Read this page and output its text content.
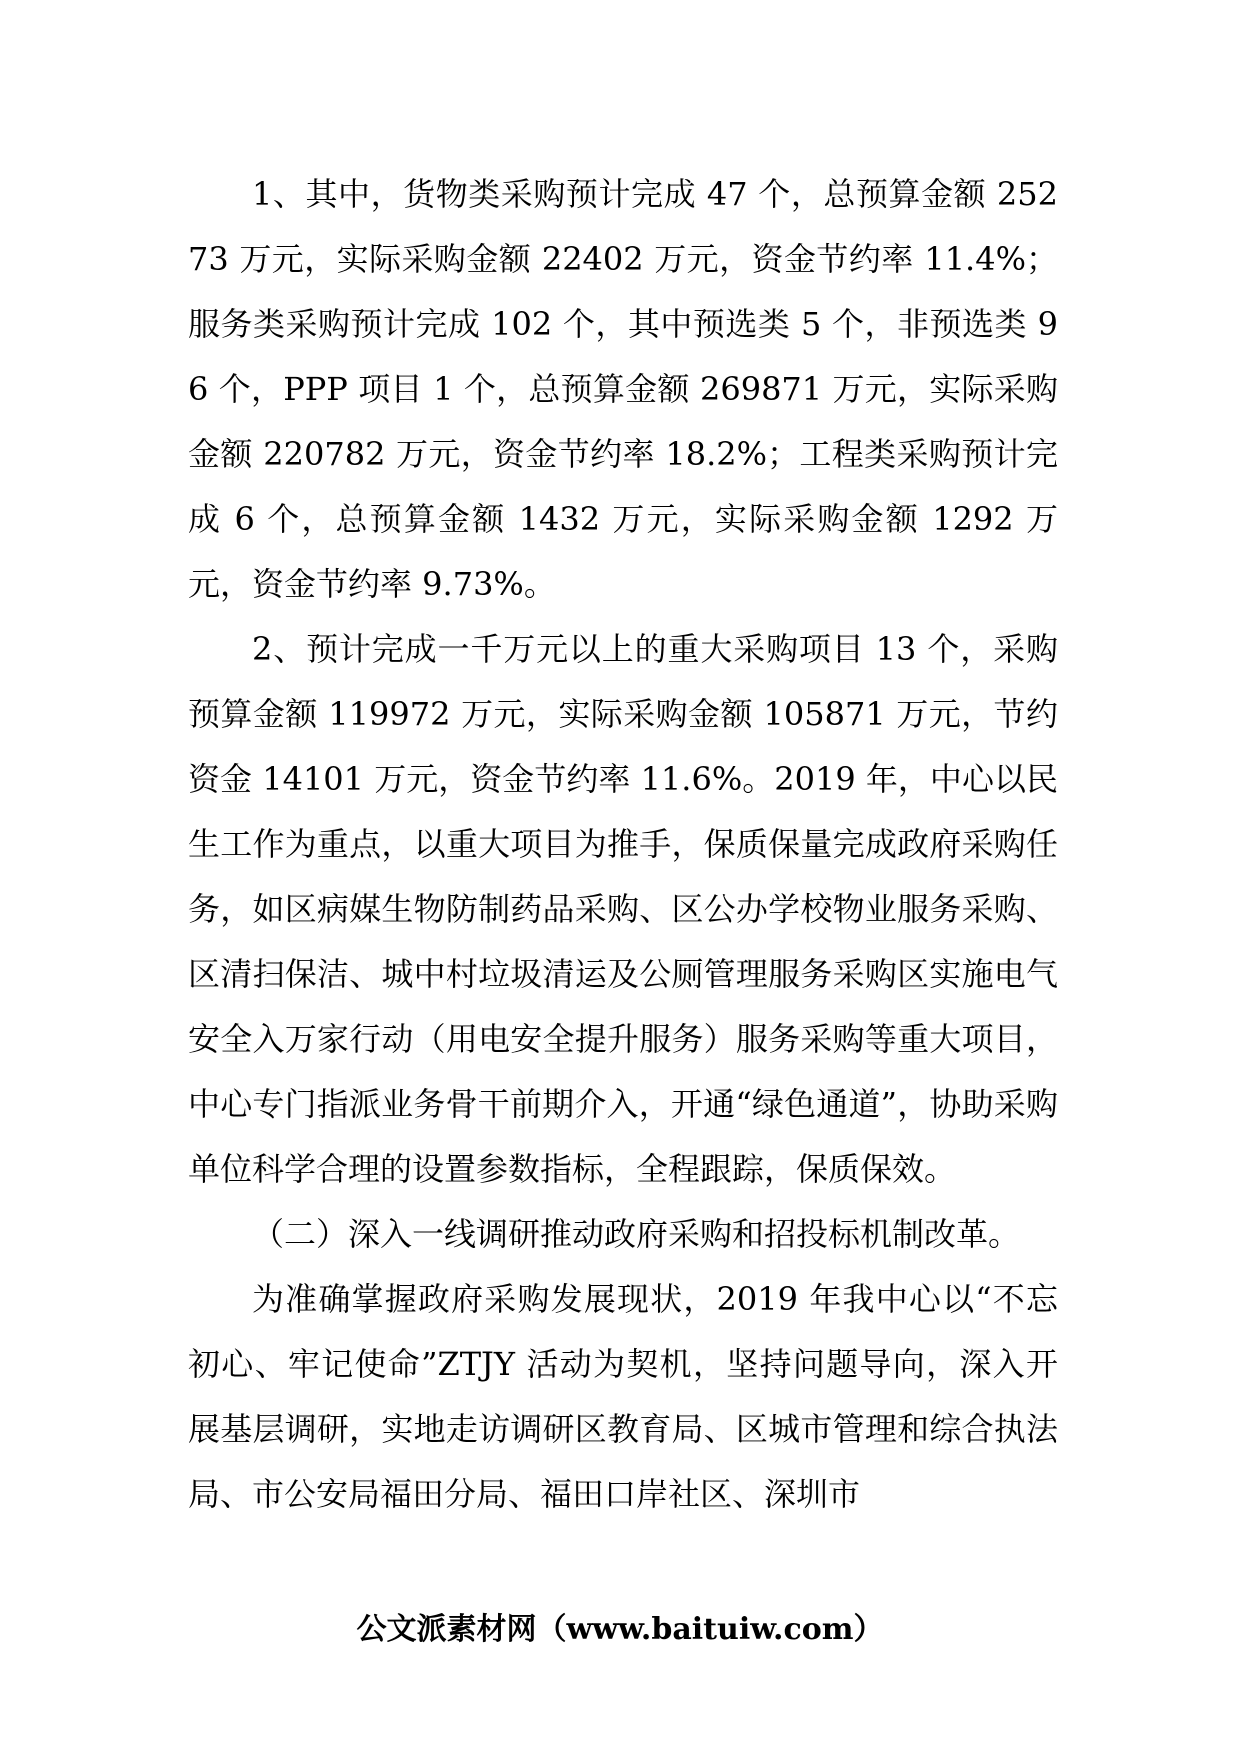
1、其中，货物类采购预计完成 47 个，总预算金额 25273 万元，实际采购金额 22402 万元，资金节约率 11.4%；服务类采购预计完成 102 个，其中预选类 5 个，非预选类 96 个，PPP 项目 1 个，总预算金额 269871 万元，实际采购金额 220782 万元，资金节约率 18.2%；工程类采购预计完成 6 个，总预算金额 1432 万元，实际采购金额 1292 万元，资金节约率 9.73%。

2、预计完成一千万元以上的重大采购项目 13 个，采购预算金额 119972 万元，实际采购金额 105871 万元，节约资金 14101 万元，资金节约率 11.6%。2019 年，中心以民生工作为重点，以重大项目为推手，保质保量完成政府采购任务，如区病媒生物防制药品采购、区公办学校物业服务采购、区清扫保洁、城中村垃圾清运及公厕管理服务采购区实施电气安全入万家行动（用电安全提升服务）服务采购等重大项目，中心专门指派业务骨干前期介入，开通“绿色通道”，协助采购单位科学合理的设置参数指标，全程跟踪，保质保效。

（二）深入一线调研推动政府采购和招投标机制改革。

为准确掌握政府采购发展现状，2019 年我中心以“不忘初心、牢记使命”ZTJY 活动为契机，坚持问题导向，深入开展基层调研，实地走访调研区教育局、区城市管理和综合执法局、市公安局福田分局、福田口岸社区、深圳市

公文派素材网（www.baituiw.com）
